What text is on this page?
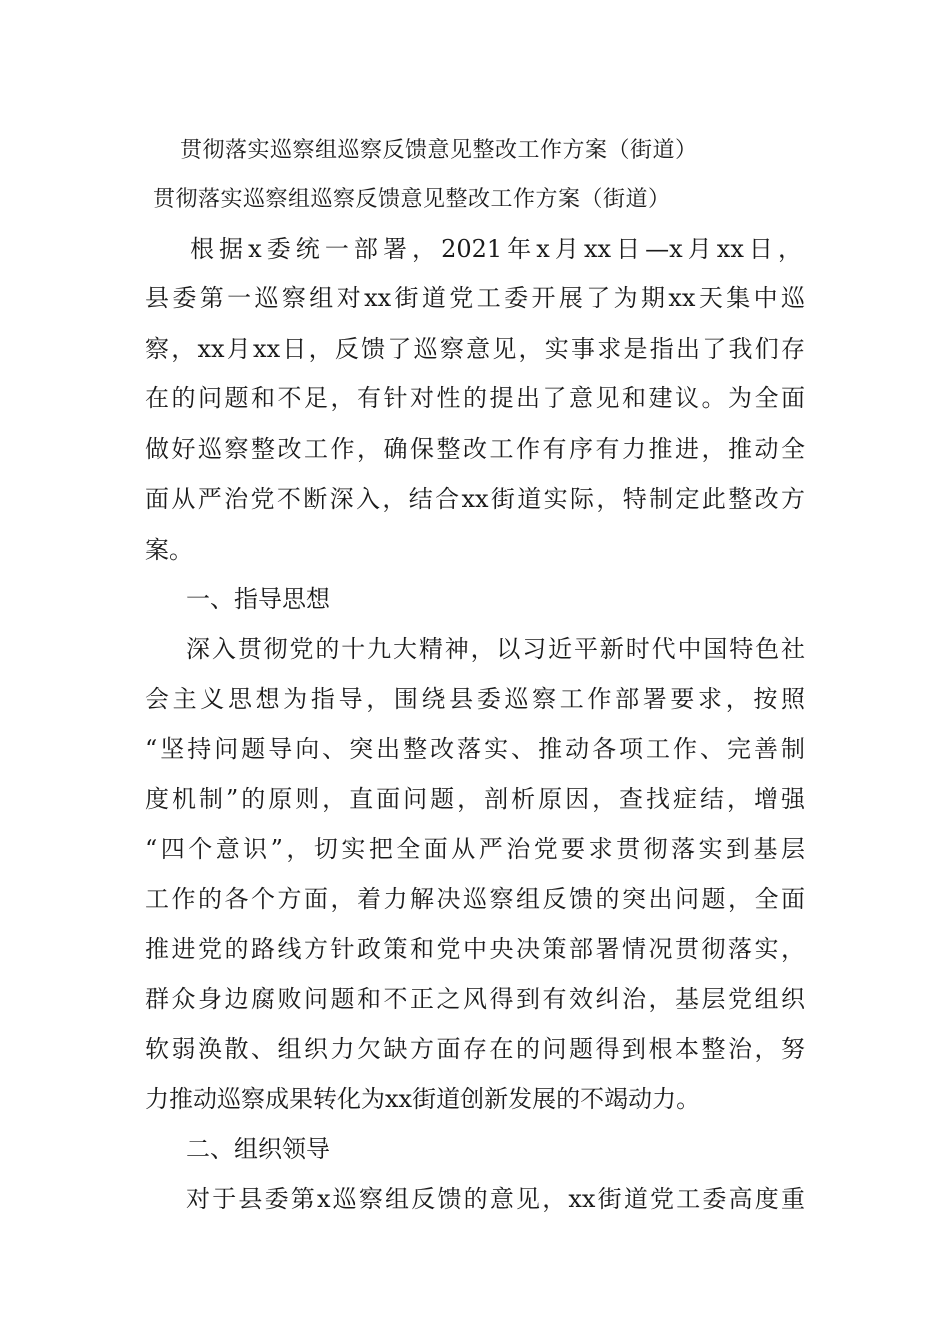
贯彻落实巡察组巡察反馈意见整改工作方案（街道）
贯彻落实巡察组巡察反馈意见整改工作方案（街道）
根据x委统一部署，2021年x月xx日—x月xx日，
县委第一巡察组对xx街道党工委开展了为期xx天集中巡
察，xx月xx日，反馈了巡察意见，实事求是指出了我们存
在的问题和不足，有针对性的提出了意见和建议。为全面
做好巡察整改工作，确保整改工作有序有力推进，推动全
面从严治党不断深入，结合xx街道实际，特制定此整改方
案。
一、指导思想
深入贯彻党的十九大精神，以习近平新时代中国特色社
会主义思想为指导，围绕县委巡察工作部署要求，按照
“坚持问题导向、突出整改落实、推动各项工作、完善制
度机制”的原则，直面问题，剖析原因，查找症结，增强
“四个意识”，切实把全面从严治党要求贯彻落实到基层
工作的各个方面，着力解决巡察组反馈的突出问题，全面
推进党的路线方针政策和党中央决策部署情况贯彻落实，
群众身边腐败问题和不正之风得到有效纠治，基层党组织
软弱涣散、组织力欠缺方面存在的问题得到根本整治，努
力推动巡察成果转化为xx街道创新发展的不竭动力。
二、组织领导
对于县委第x巡察组反馈的意见，xx街道党工委高度重
